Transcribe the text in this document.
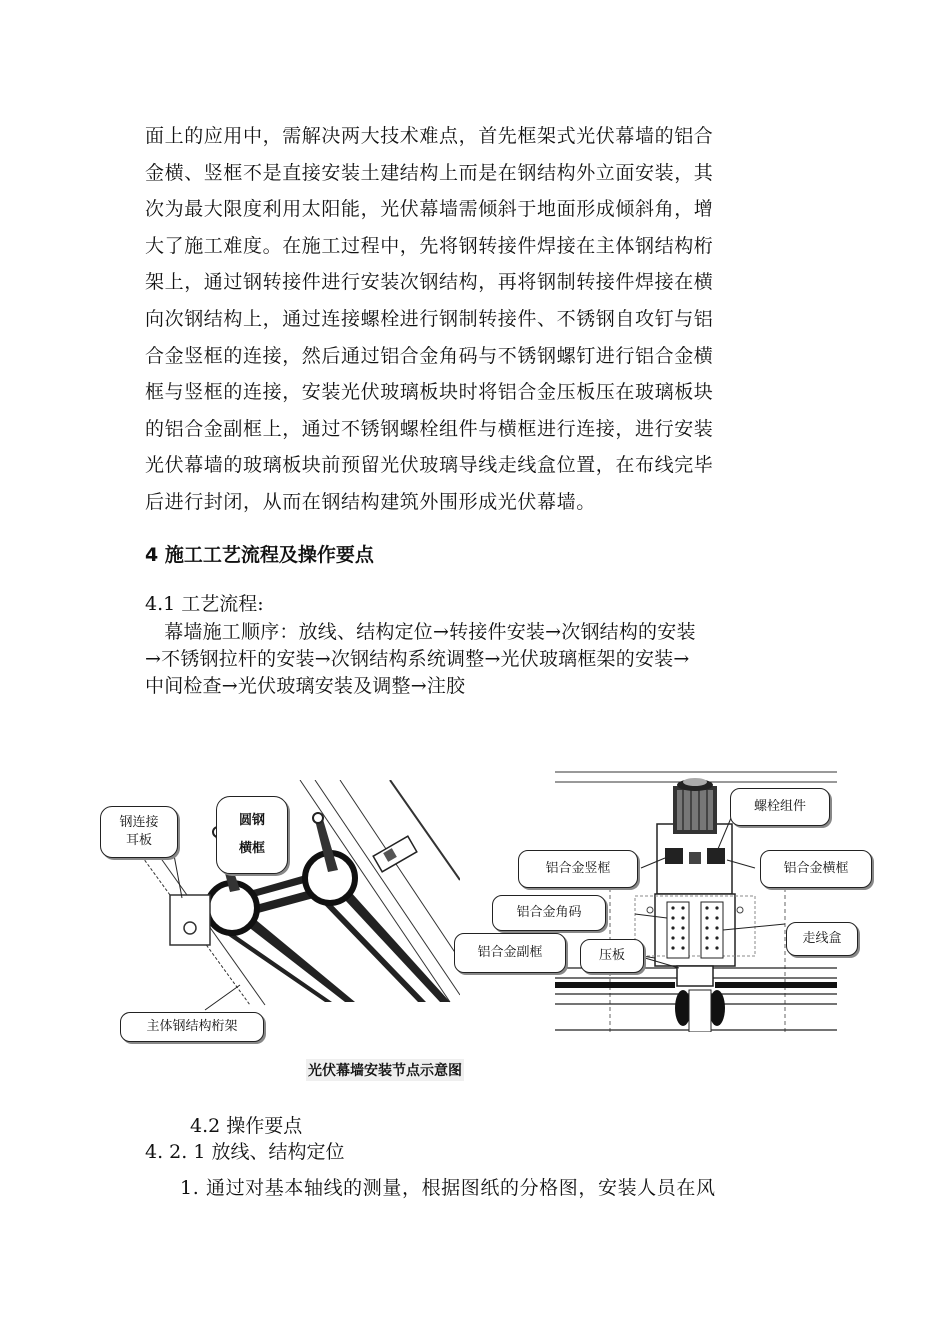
面上的应用中，需解决两大技术难点，首先框架式光伏幕墙的铝合
金横、竖框不是直接安装土建结构上而是在钢结构外立面安装，其
次为最大限度利用太阳能，光伏幕墙需倾斜于地面形成倾斜角，增
大了施工难度。在施工过程中，先将钢转接件焊接在主体钢结构桁
架上，通过钢转接件进行安装次钢结构，再将钢制转接件焊接在横
向次钢结构上，通过连接螺栓进行钢制转接件、不锈钢自攻钉与铝
合金竖框的连接，然后通过铝合金角码与不锈钢螺钉进行铝合金横
框与竖框的连接，安装光伏玻璃板块时将铝合金压板压在玻璃板块
的铝合金副框上，通过不锈钢螺栓组件与横框进行连接，进行安装
光伏幕墙的玻璃板块前预留光伏玻璃导线走线盒位置，在布线完毕
后进行封闭，从而在钢结构建筑外围形成光伏幕墙。
4 施工工艺流程及操作要点

4.1 工艺流程:

　幕墙施工顺序：放线、结构定位→转接件安装→次钢结构的安装
→不锈钢拉杆的安装→次钢结构系统调整→光伏玻璃框架的安装→
中间检查→光伏玻璃安装及调整→注胶
钢连接
耳板
圆钢
横框
主体钢结构桁架
螺栓组件
铝合金竖框	铝合金横框
铝合金角码
走线盒
铝合金副框	压板
光伏幕墙安装节点示意图

4.2 操作要点

4. 2. 1 放线、结构定位

1. 通过对基本轴线的测量，根据图纸的分格图，安装人员在风
